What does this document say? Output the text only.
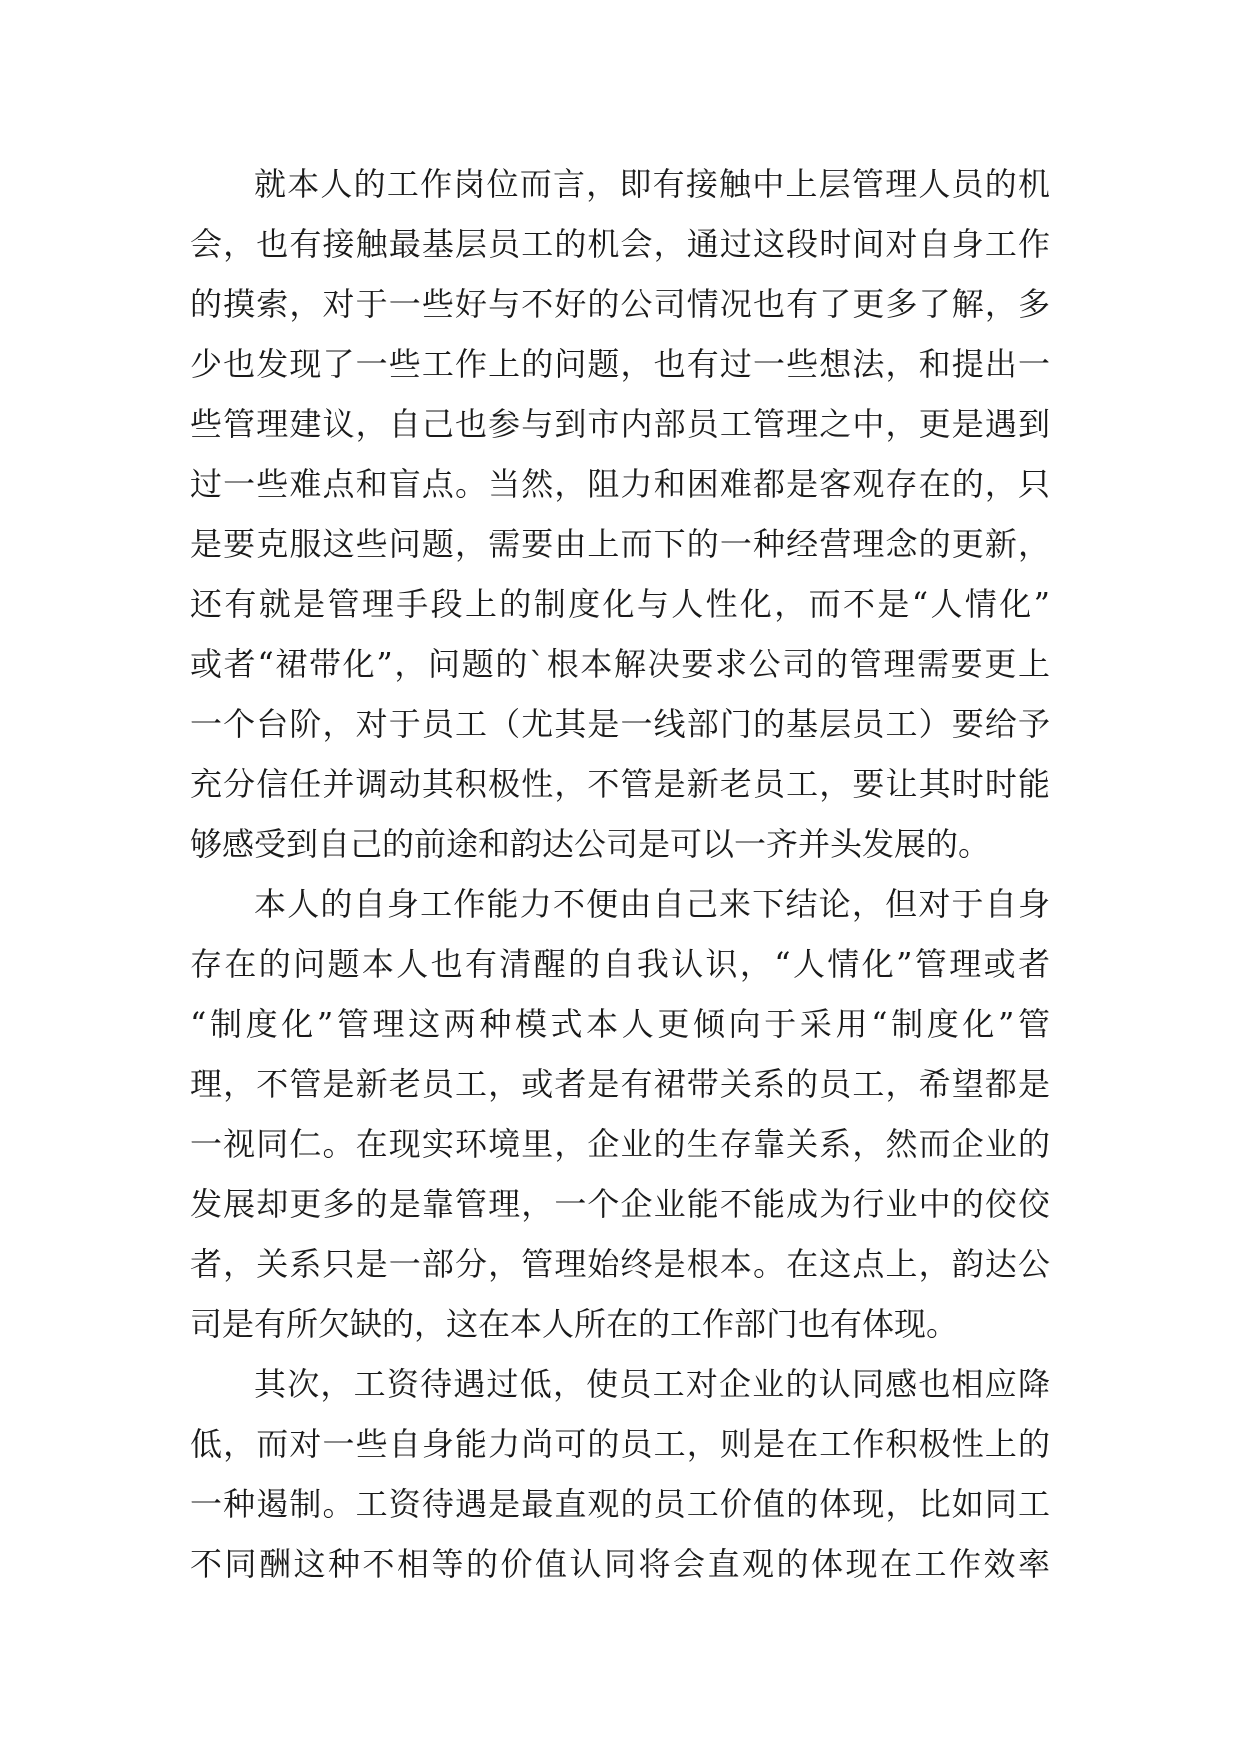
就本人的工作岗位而言，即有接触中上层管理人员的机
会，也有接触最基层员工的机会，通过这段时间对自身工作
的摸索，对于一些好与不好的公司情况也有了更多了解，多
少也发现了一些工作上的问题，也有过一些想法，和提出一
些管理建议，自己也参与到市内部员工管理之中，更是遇到
过一些难点和盲点。当然，阻力和困难都是客观存在的，只
是要克服这些问题，需要由上而下的一种经营理念的更新，
还有就是管理手段上的制度化与人性化，而不是“人情化”
或者“裙带化”，问题的`根本解决要求公司的管理需要更上
一个台阶，对于员工（尤其是一线部门的基层员工）要给予
充分信任并调动其积极性，不管是新老员工，要让其时时能
够感受到自己的前途和韵达公司是可以一齐并头发展的。
本人的自身工作能力不便由自己来下结论，但对于自身
存在的问题本人也有清醒的自我认识，“人情化”管理或者
“制度化”管理这两种模式本人更倾向于采用“制度化”管
理，不管是新老员工，或者是有裙带关系的员工，希望都是
一视同仁。在现实环境里，企业的生存靠关系，然而企业的
发展却更多的是靠管理，一个企业能不能成为行业中的佼佼
者，关系只是一部分，管理始终是根本。在这点上，韵达公
司是有所欠缺的，这在本人所在的工作部门也有体现。
其次，工资待遇过低，使员工对企业的认同感也相应降
低，而对一些自身能力尚可的员工，则是在工作积极性上的
一种遏制。工资待遇是最直观的员工价值的体现，比如同工
不同酬这种不相等的价值认同将会直观的体现在工作效率
